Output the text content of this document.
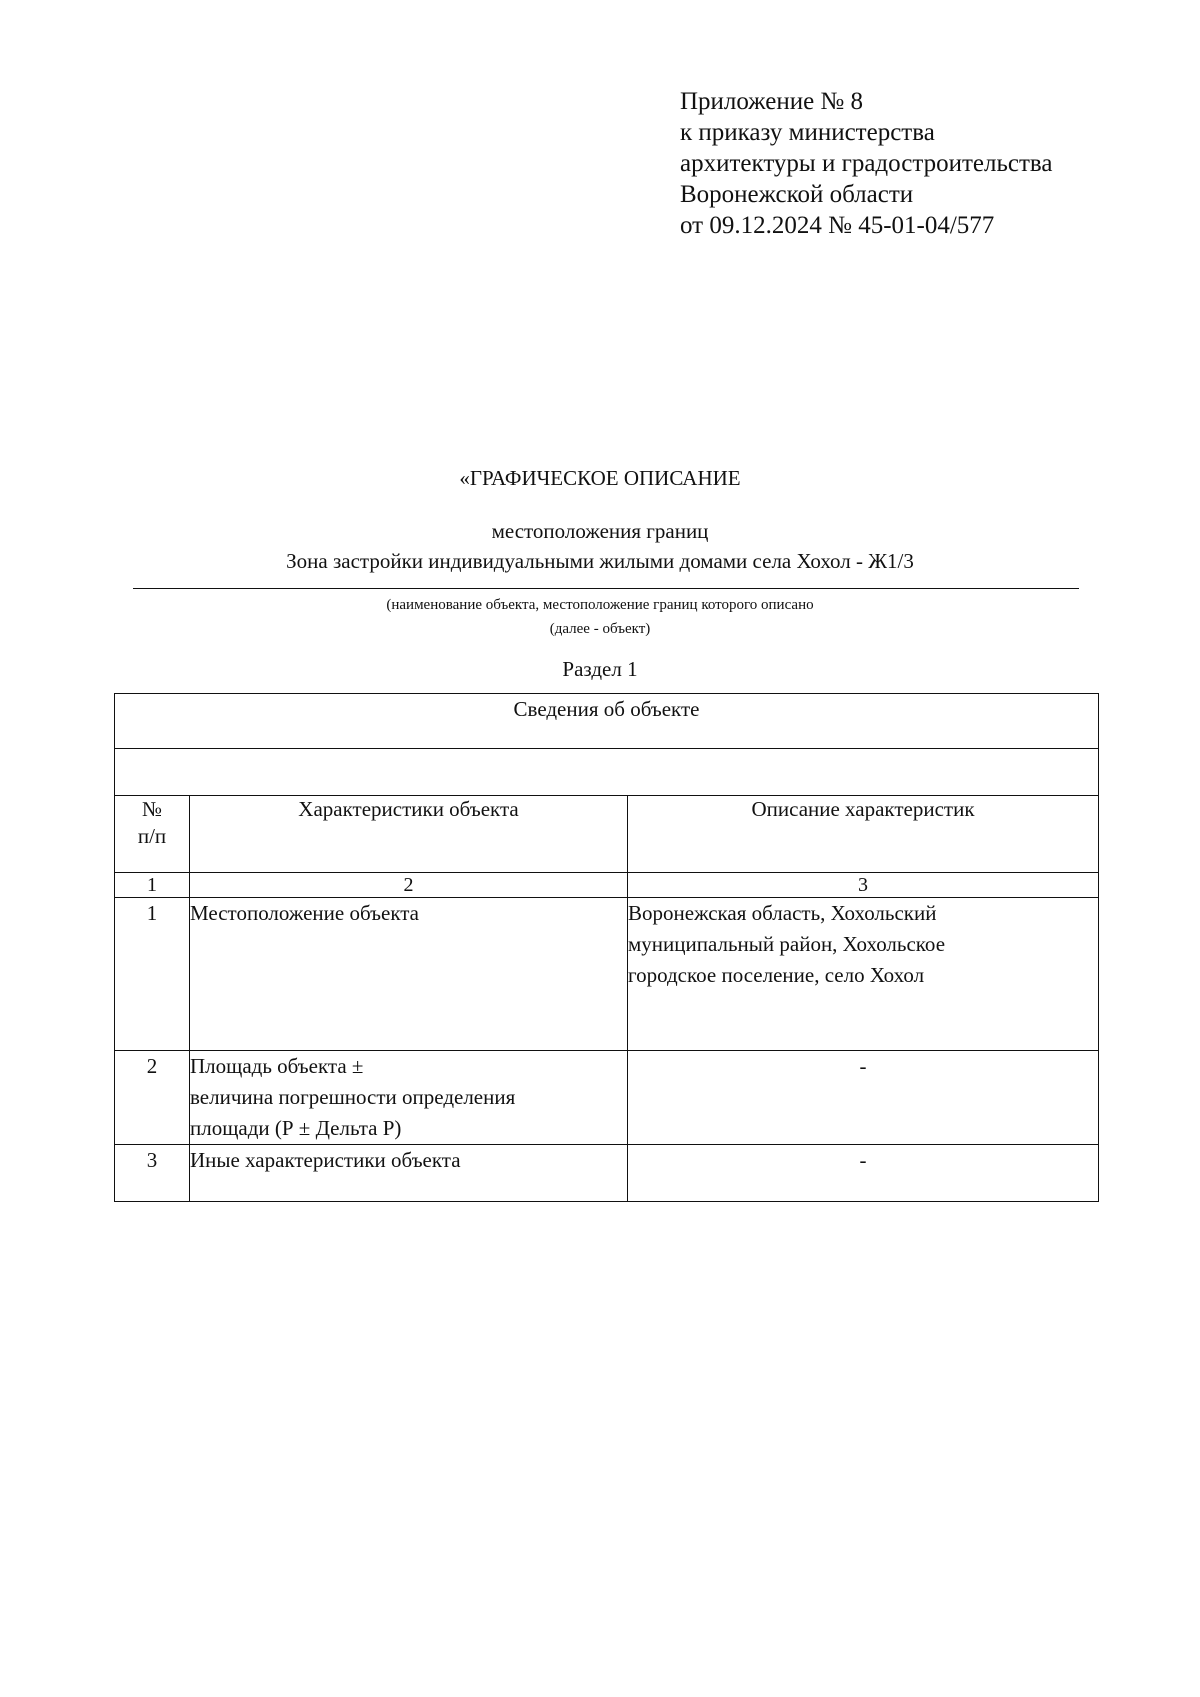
Приложение № 8
к приказу министерства
архитектуры и градостроительства
Воронежской области
от 09.12.2024 № 45-01-04/577
«ГРАФИЧЕСКОЕ ОПИСАНИЕ
местоположения границ
Зона застройки индивидуальными жилыми домами села Хохол - Ж1/3
(наименование объекта, местоположение границ которого описано
(далее - объект)
Раздел 1
Сведения об объекте		

№
п/п	Характеристики объекта	Описание характеристик
1	2	3
1	Местоположение объекта	Воронежская область, Хохольский
муниципальный район, Хохольское
городское поселение, село Хохол

2	Площадь объекта ±
величина погрешности определения
площади (Р ± Дельта Р)	-
3	Иные характеристики объекта	-
